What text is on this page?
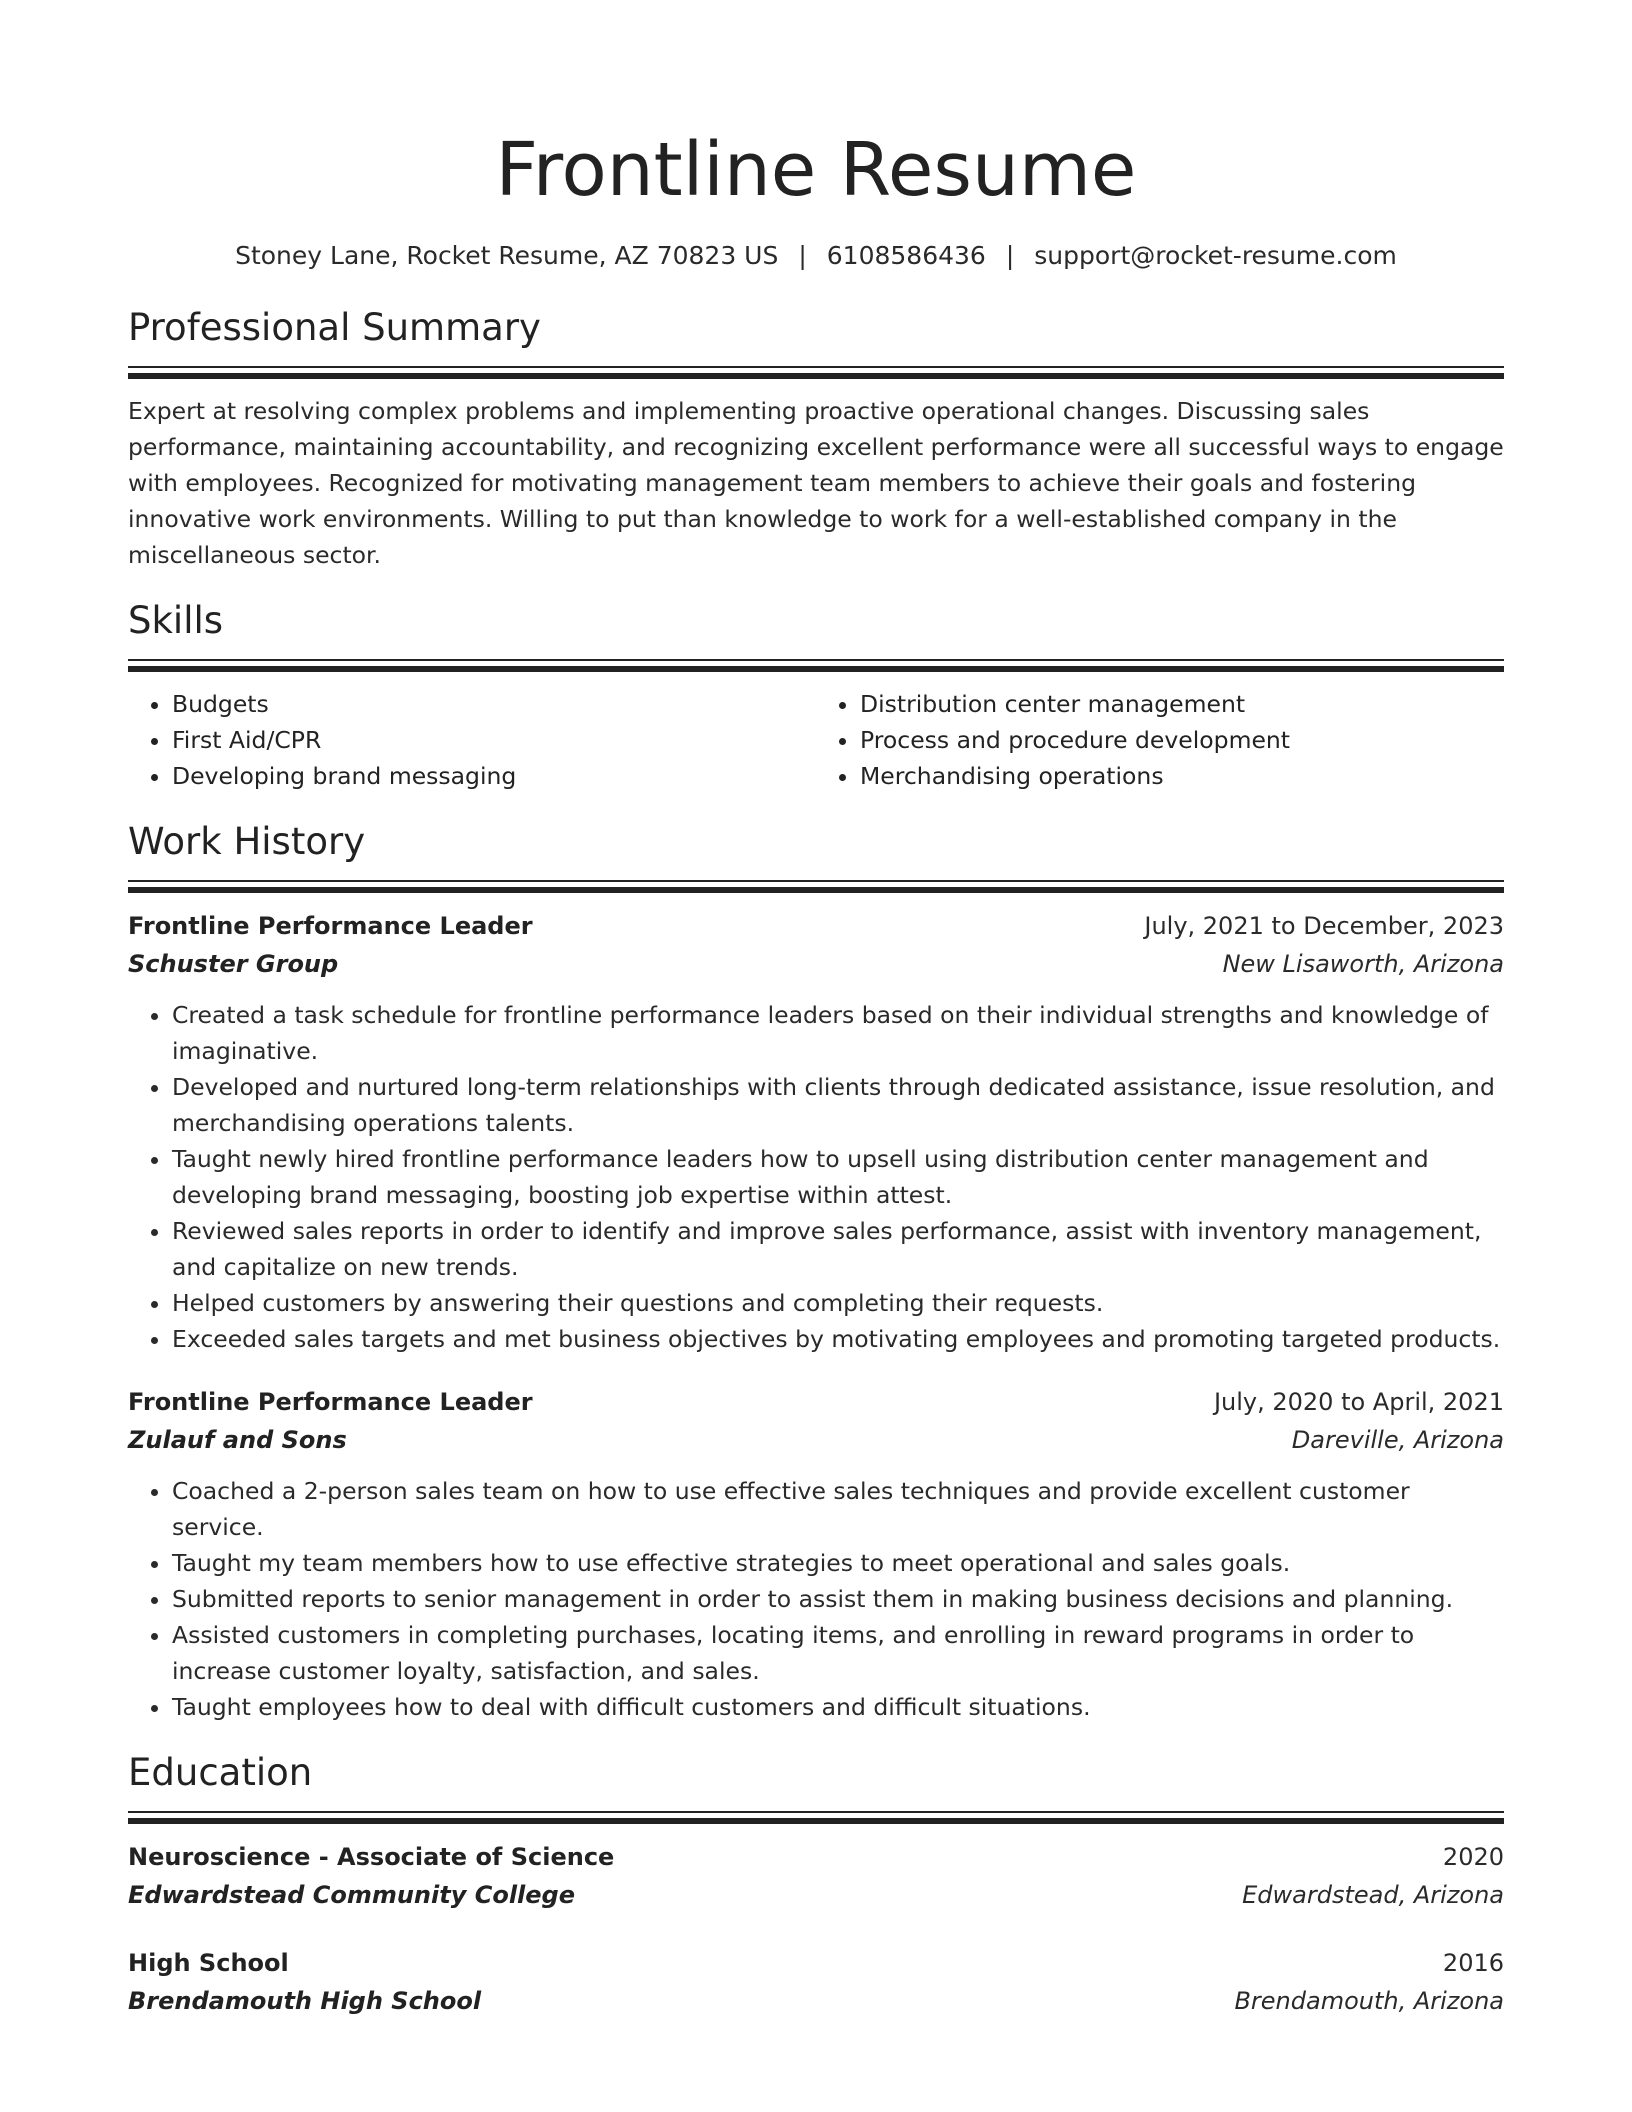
Frontline Resume
Stoney Lane, Rocket Resume, AZ 70823 US | 6108586436 | support@rocket-resume.com
Professional Summary

Expert at resolving complex problems and implementing proactive operational changes. Discussing sales performance, maintaining accountability, and recognizing excellent performance were all successful ways to engage with employees. Recognized for motivating management team members to achieve their goals and fostering innovative work environments. Willing to put than knowledge to work for a well-established company in the miscellaneous sector.

Skills
• Budgets
• First Aid/CPR
• Developing brand messaging
• Distribution center management
• Process and procedure development
• Merchandising operations
Work History
Frontline Performance Leader	July, 2021 to December, 2023
Schuster Group	New Lisaworth, Arizona
• Created a task schedule for frontline performance leaders based on their individual strengths and knowledge of imaginative.
• Developed and nurtured long-term relationships with clients through dedicated assistance, issue resolution, and merchandising operations talents.
• Taught newly hired frontline performance leaders how to upsell using distribution center management and developing brand messaging, boosting job expertise within attest.
• Reviewed sales reports in order to identify and improve sales performance, assist with inventory management, and capitalize on new trends.
• Helped customers by answering their questions and completing their requests.
• Exceeded sales targets and met business objectives by motivating employees and promoting targeted products.
Frontline Performance Leader	July, 2020 to April, 2021
Zulauf and Sons	Dareville, Arizona
• Coached a 2-person sales team on how to use effective sales techniques and provide excellent customer service.
• Taught my team members how to use effective strategies to meet operational and sales goals.
• Submitted reports to senior management in order to assist them in making business decisions and planning.
• Assisted customers in completing purchases, locating items, and enrolling in reward programs in order to increase customer loyalty, satisfaction, and sales.
• Taught employees how to deal with difficult customers and difficult situations.
Education
Neuroscience - Associate of Science	2020
Edwardstead Community College	Edwardstead, Arizona
High School	2016
Brendamouth High School	Brendamouth, Arizona
